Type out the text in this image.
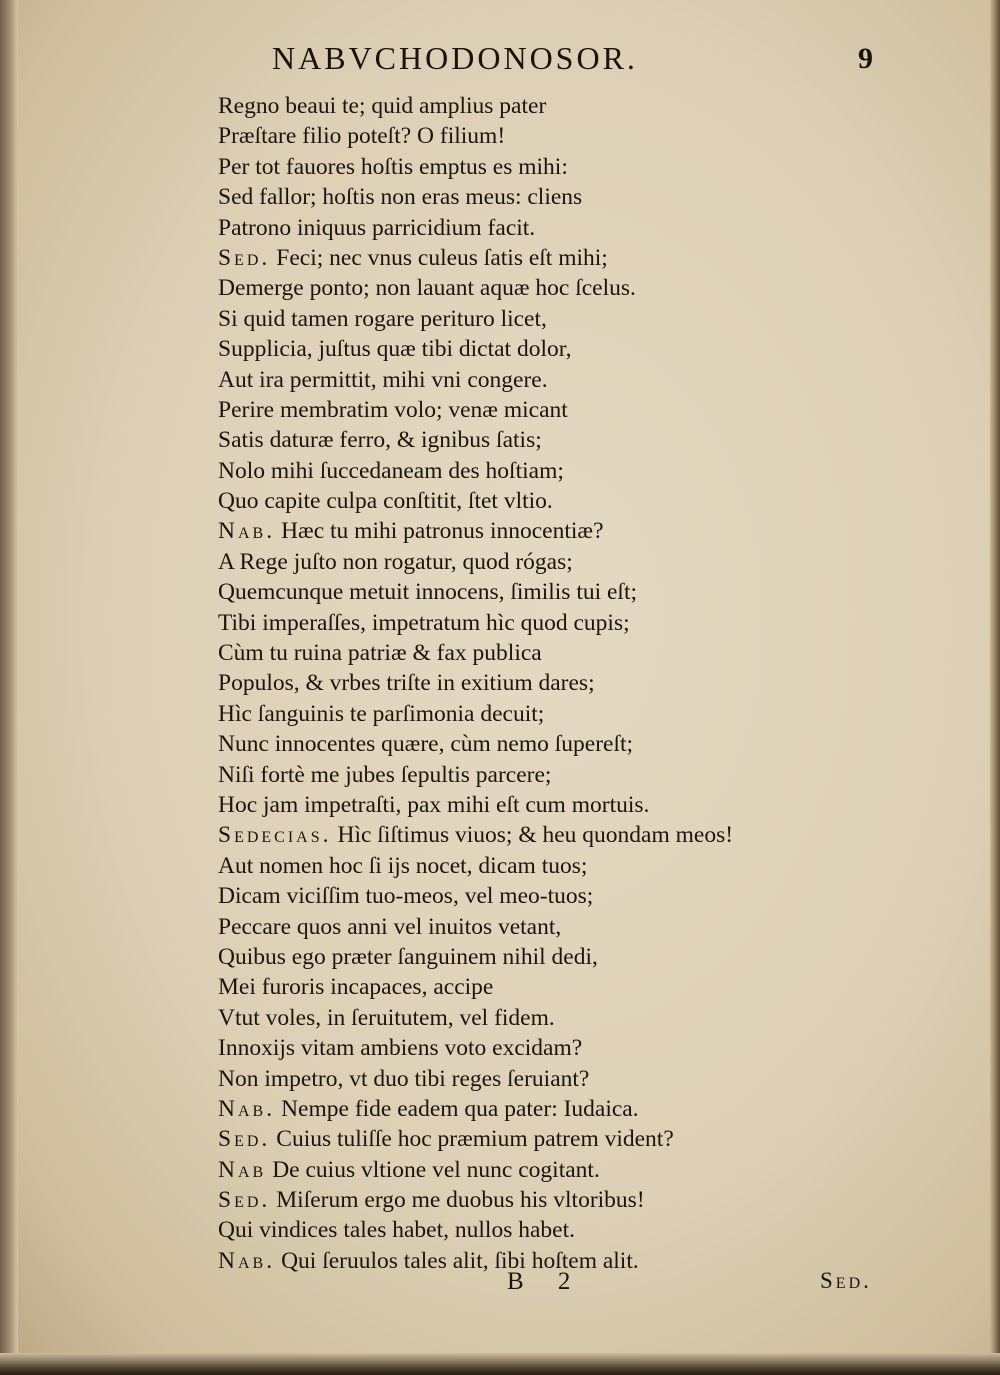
NABVCHODONOSOR.	9
Regno beaui te; quid amplius pater
Præſtare filio poteſt? O filium!
Per tot fauores hoſtis emptus es mihi:
Sed fallor; hoſtis non eras meus: cliens
Patrono iniquus parricidium facit.
Sed. Feci; nec vnus culeus ſatis eſt mihi;
Demerge ponto; non lauant aquæ hoc ſcelus.
Si quid tamen rogare perituro licet,
Supplicia, juſtus quæ tibi dictat dolor,
Aut ira permittit, mihi vni congere.
Perire membratim volo; venæ micant
Satis daturæ ferro, & ignibus ſatis;
Nolo mihi ſuccedaneam des hoſtiam;
Quo capite culpa conſtitit, ſtet vltio.
Nab. Hæc tu mihi patronus innocentiæ?
A Rege juſto non rogatur, quod rógas;
Quemcunque metuit innocens, ſimilis tui eſt;
Tibi imperaſſes, impetratum hìc quod cupis;
Cùm tu ruina patriæ & fax publica
Populos, & vrbes triſte in exitium dares;
Hìc ſanguinis te parſimonia decuit;
Nunc innocentes quære, cùm nemo ſupereſt;
Niſi fortè me jubes ſepultis parcere;
Hoc jam impetraſti, pax mihi eſt cum mortuis.
Sedecias. Hìc ſiſtimus viuos; & heu quondam meos!
Aut nomen hoc ſi ijs nocet, dicam tuos;
Dicam viciſſim tuo-meos, vel meo-tuos;
Peccare quos anni vel inuitos vetant,
Quibus ego præter ſanguinem nihil dedi,
Mei furoris incapaces, accipe
Vtut voles, in ſeruitutem, vel fidem.
Innoxijs vitam ambiens voto excidam?
Non impetro, vt duo tibi reges ſeruiant?
Nab. Nempe fide eadem qua pater: Iudaica.
Sed. Cuius tuliſſe hoc præmium patrem vident?
Nab De cuius vltione vel nunc cogitant.
Sed. Miſerum ergo me duobus his vltoribus!
Qui vindices tales habet, nullos habet.
Nab. Qui ſeruulos tales alit, ſibi hoſtem alit.
B 2	Sed.
